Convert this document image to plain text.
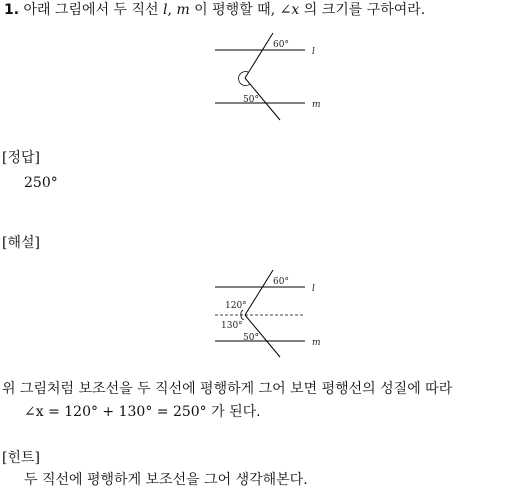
1. 아래 그림에서 두 직선 l, m 이 평행할 때, ∠x 의 크기를 구하여라.
60°
50°
l
m
[정답]
250°
[해설]
60°
120°
130°
50°
l
m
위 그림처럼 보조선을 두 직선에 평행하게 그어 보면 평행선의 성질에 따라
∠x = 120° + 130° = 250° 가 된다.
[힌트]
두 직선에 평행하게 보조선을 그어 생각해본다.
